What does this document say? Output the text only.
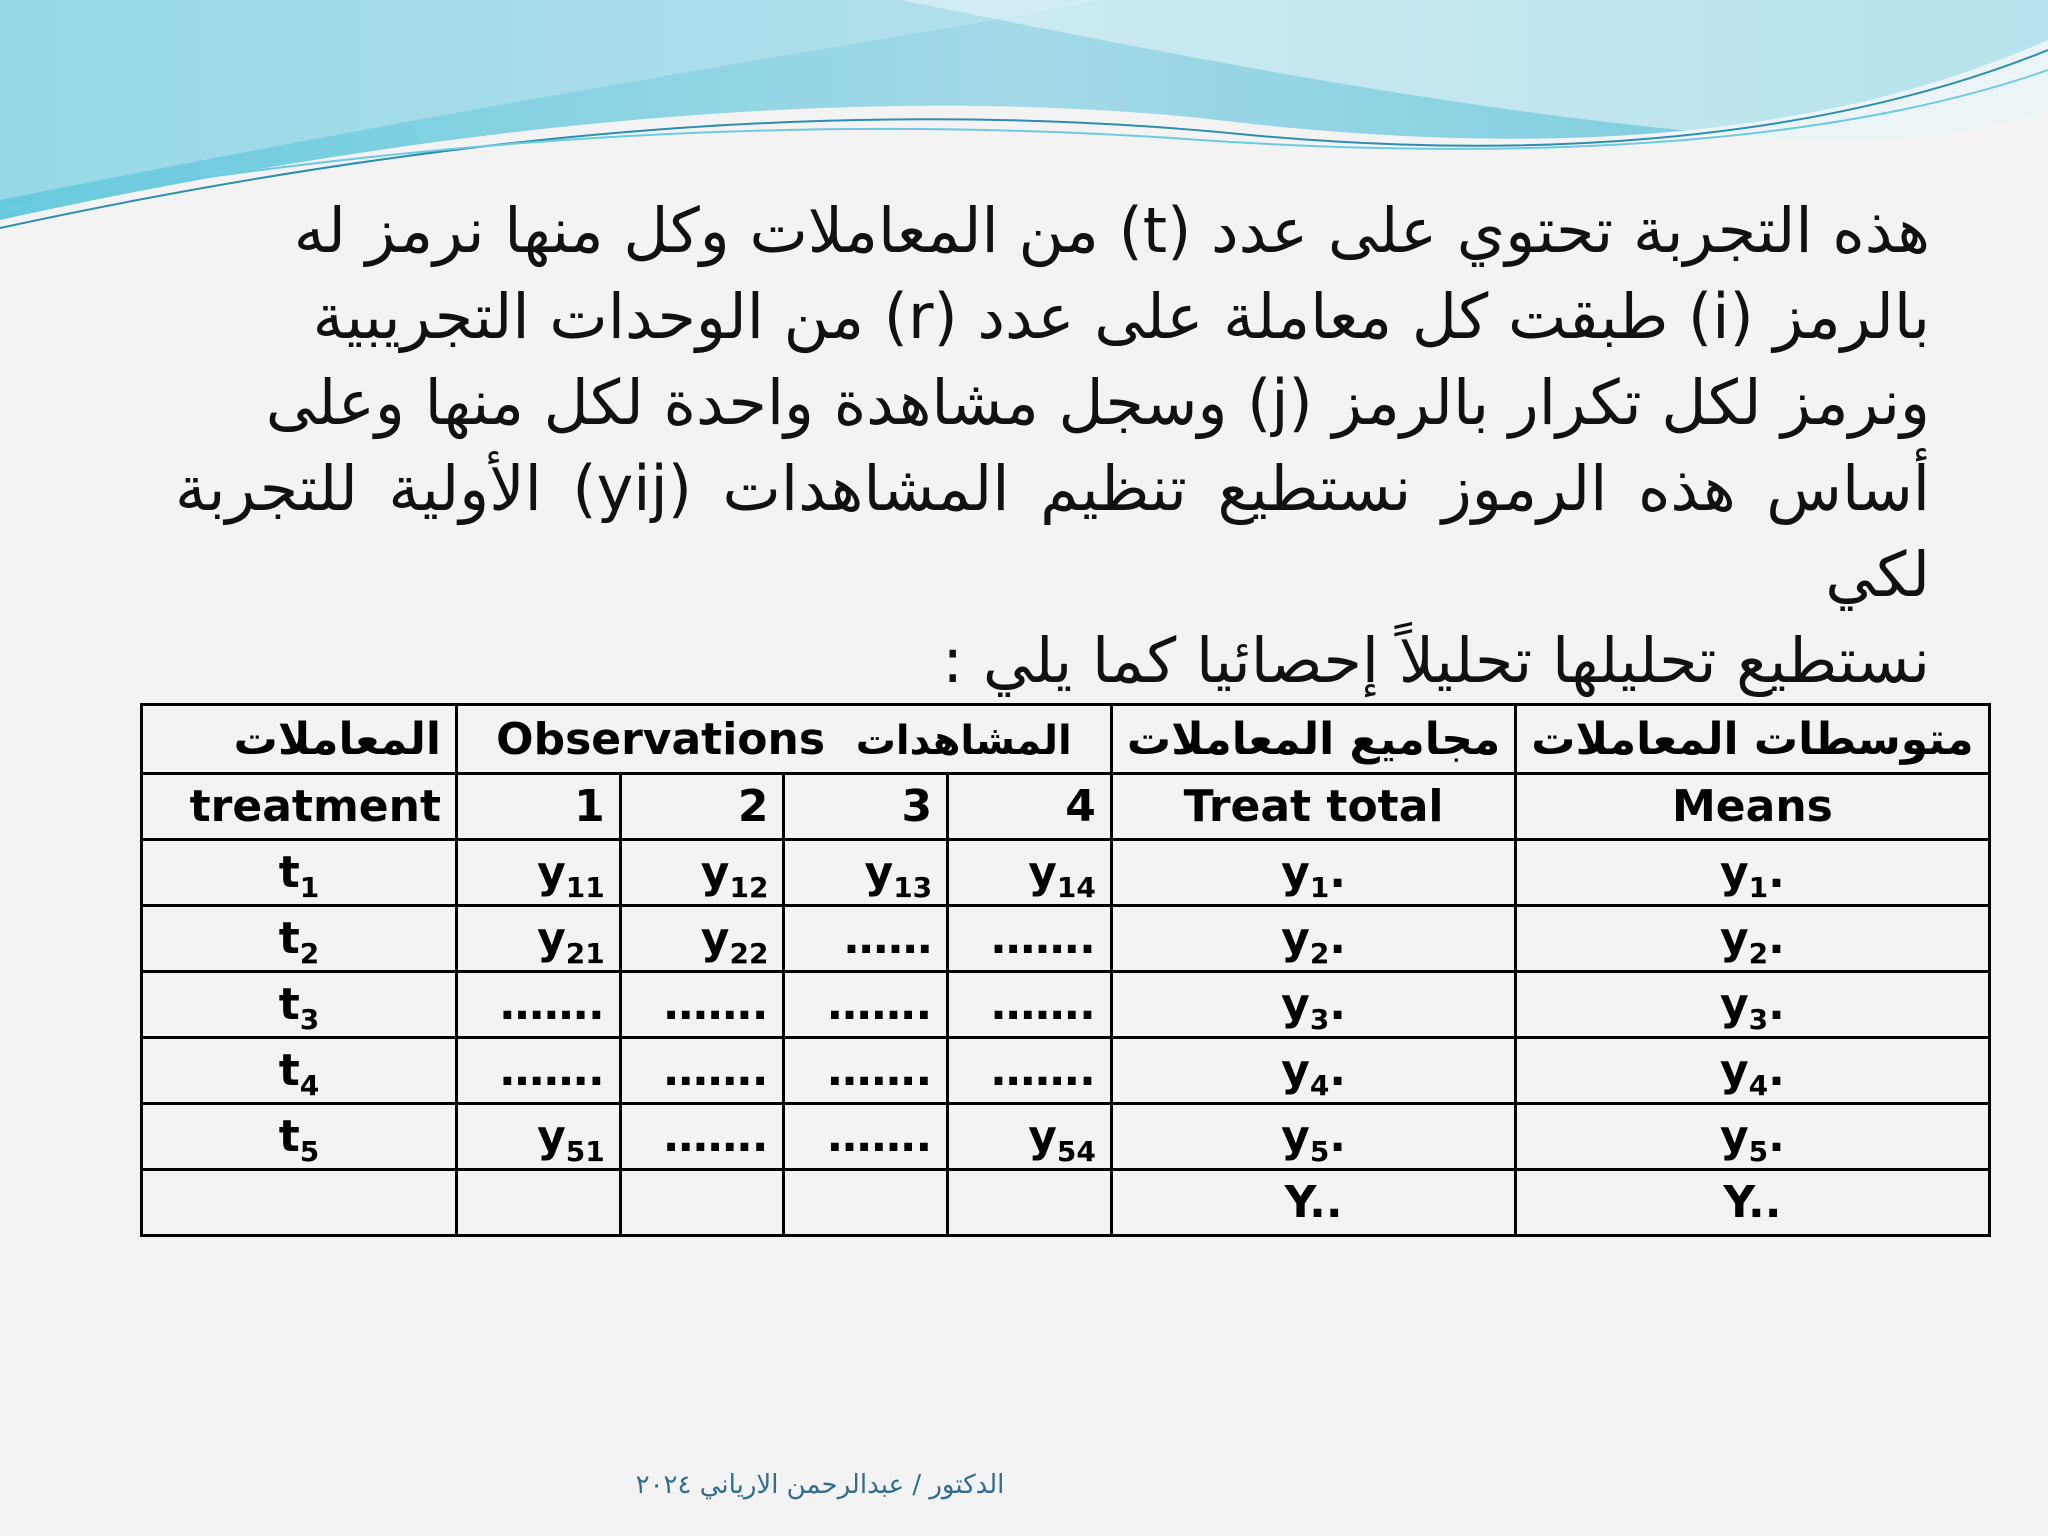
هذه التجربة تحتوي على عدد (t) من المعاملات وكل منها نرمز له
بالرمز (i) طبقت كل معاملة على عدد (r) من الوحدات التجريبية
ونرمز لكل تكرار بالرمز (j) وسجل مشاهدة واحدة لكل منها وعلى
أساس هذه الرموز نستطيع تنظيم المشاهدات (yij) الأولية للتجربة لكي
نستطيع تحليلها تحليلاً إحصائيا كما يلي :
المعاملات	Observations المشاهدات				مجاميع المعاملات	متوسطات المعاملات
treatment	1	2	3	4	Treat total	Means
$t_1$	$y_{11}$	$y_{12}$	$y_{13}$	$y_{14}$	$y_1$.	$y_1$.
$t_2$	$y_{21}$	$y_{22}$	……	…….	$y_2$.	$y_2$.
$t_3$	…….	…….	…….	…….	$y_3$.	$y_3$.
$t_4$	…….	…….	…….	…….	$y_4$.	$y_4$.
$t_5$	$y_{51}$	…….	…….	$y_{54}$	$y_5$.	$y_5$.
					Y..	Y..
الدكتور / عبدالرحمن الارياني ٢٠٢٤
